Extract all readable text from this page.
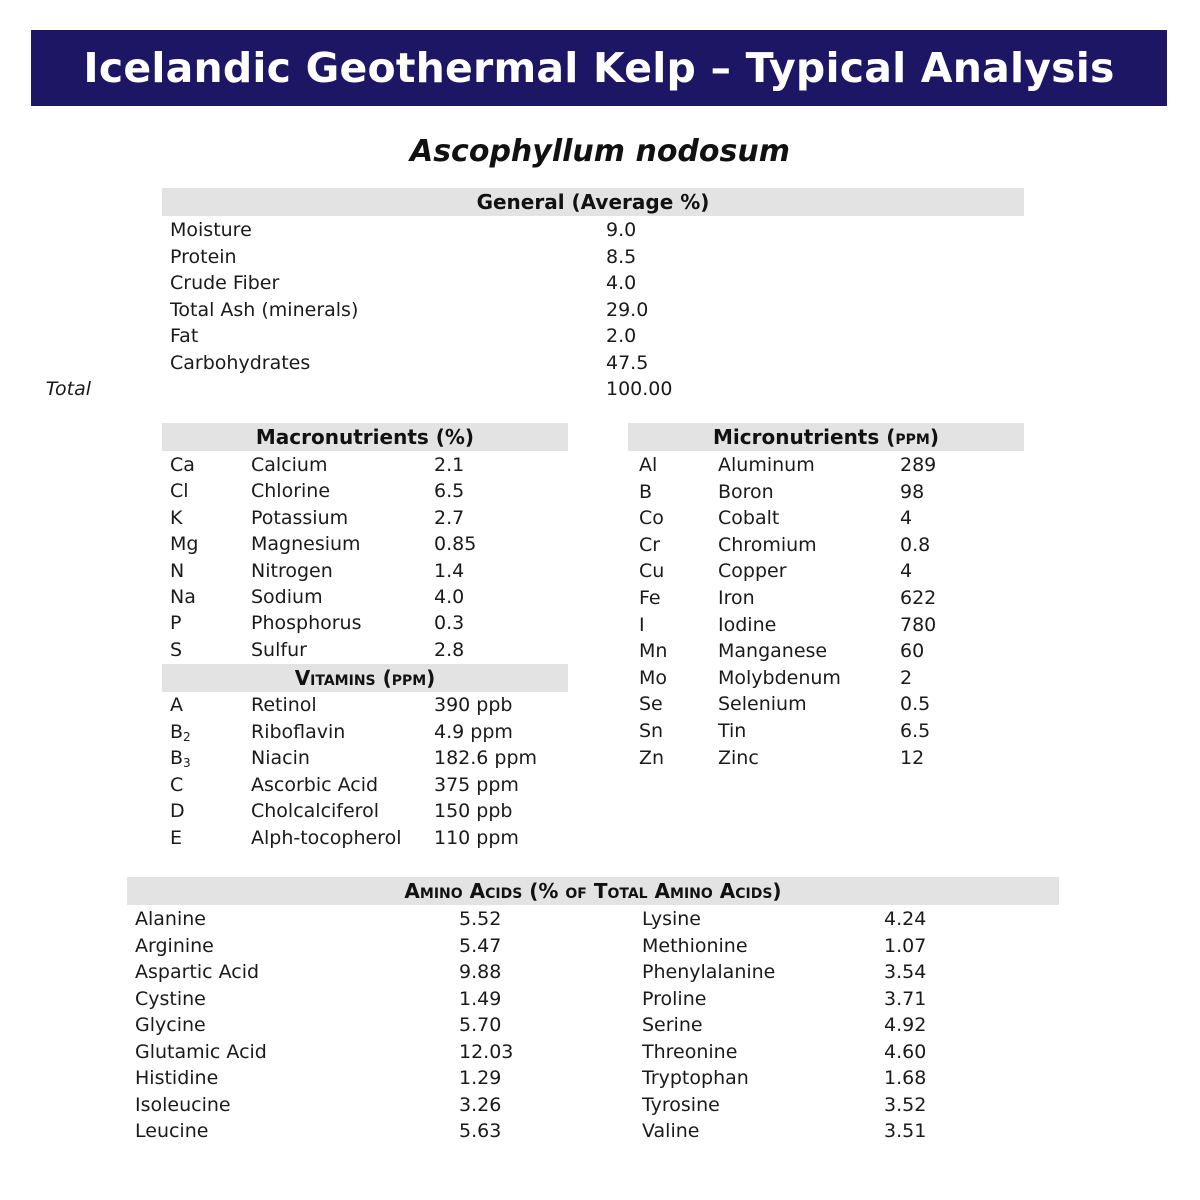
Icelandic Geothermal Kelp – Typical Analysis
Ascophyllum nodosum
General (Average %)
Moisture	9.0
Protein	8.5
Crude Fiber	4.0
Total Ash (minerals)	29.0
Fat	2.0
Carbohydrates	47.5
Total	100.00
Macronutrients (%)
Ca	Calcium	2.1
Cl	Chlorine	6.5
K	Potassium	2.7
Mg	Magnesium	0.85
N	Nitrogen	1.4
Na	Sodium	4.0
P	Phosphorus	0.3
S	Sulfur	2.8
Vitamins (ppm)
A	Retinol	390 ppb
$B_2$	Riboflavin	4.9 ppm
$B_3$	Niacin	182.6 ppm
C	Ascorbic Acid	375 ppm
D	Cholcalciferol	150 ppb
E	Alph-tocopherol 110 ppm
Micronutrients (ppm)
Al	Aluminum	289
B	Boron	98
Co	Cobalt	4
Cr	Chromium	0.8
Cu	Copper	4
Fe	Iron	622
I	Iodine	780
Mn	Manganese	60
Mo	Molybdenum	2
Se	Selenium	0.5
Sn	Tin	6.5
Zn	Zinc	12
Amino Acids (% of Total Amino Acids)
Alanine	5.52	Lysine	4.24
Arginine	5.47	Methionine	1.07
Aspartic Acid	9.88	Phenylalanine	3.54
Cystine	1.49	Proline	3.71
Glycine	5.70	Serine	4.92
Glutamic Acid	12.03	Threonine	4.60
Histidine	1.29	Tryptophan	1.68
Isoleucine	3.26	Tyrosine	3.52
Leucine	5.63	Valine	3.51
